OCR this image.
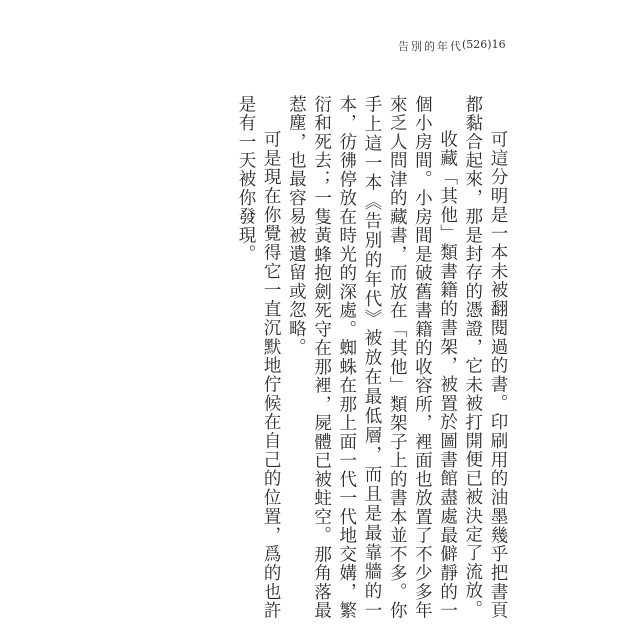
告別的年代 (526)16

可這分明是一本未被翻閱過的書。印刷用的油墨幾乎把書頁都黏合起來，那是封存的憑證，它未被打開便已被決定了流放。

收藏「其他」類書籍的書架，被置於圖書館盡處最僻靜的一個小房間。小房間是破舊書籍的收容所，裡面也放置了不少多年來乏人問津的藏書，而放在「其他」類架子上的書本並不多。你手上這一本《告別的年代》被放在最低層，而且是最靠牆的一本，彷彿停放在時光的深處。蜘蛛在那上面一代一代地交媾，繁衍和死去；一隻黃蜂抱劍死守在那裡，屍體已被蛀空。那角落最惹塵，也最容易被遺留或忽略。

可是現在你覺得它一直沉默地佇候在自己的位置，爲的也許是有一天被你發現。
